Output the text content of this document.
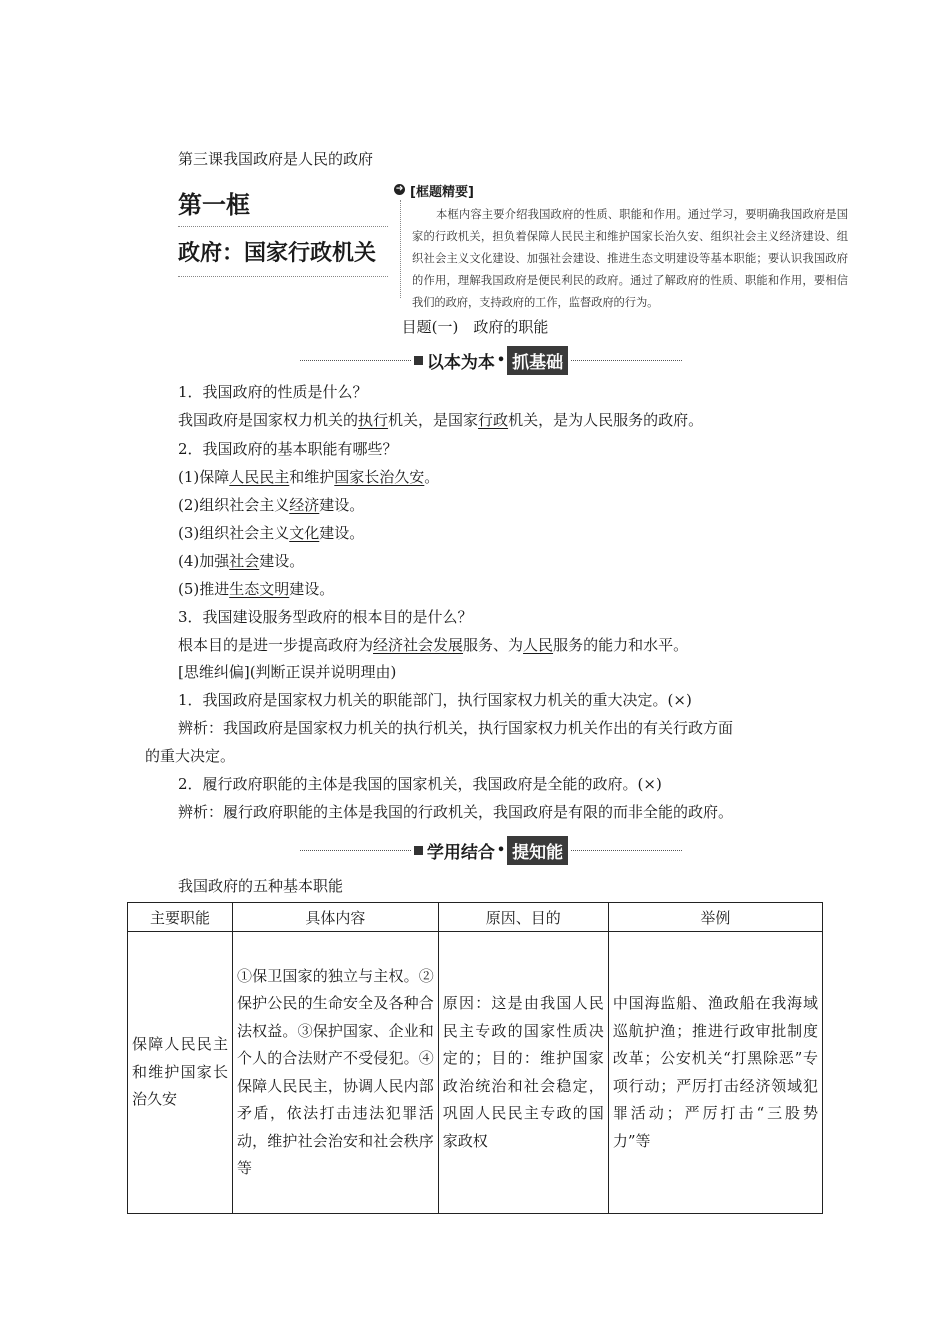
第三课我国政府是人民的政府
第一框
政府：国家行政机关
➜ [框题精要]
本框内容主要介绍我国政府的性质、职能和作用。通过学习，要明确我国政府是国家的行政机关，担负着保障人民民主和维护国家长治久安、组织社会主义经济建设、组织社会主义文化建设、加强社会建设、推进生态文明建设等基本职能；要认识我国政府的作用，理解我国政府是便民利民的政府。通过了解政府的性质、职能和作用，要相信我们的政府，支持政府的工作，监督政府的行为。
目题(一)　政府的职能
以本为本 • 抓基础
1．我国政府的性质是什么？
我国政府是国家权力机关的执行机关，是国家行政机关，是为人民服务的政府。
2．我国政府的基本职能有哪些？
(1)保障人民民主和维护国家长治久安。
(2)组织社会主义经济建设。
(3)组织社会主义文化建设。
(4)加强社会建设。
(5)推进生态文明建设。
3．我国建设服务型政府的根本目的是什么？
根本目的是进一步提高政府为经济社会发展服务、为人民服务的能力和水平。
[思维纠偏](判断正误并说明理由)
1．我国政府是国家权力机关的职能部门，执行国家权力机关的重大决定。(×)
辨析：我国政府是国家权力机关的执行机关，执行国家权力机关作出的有关行政方面
的重大决定。
2．履行政府职能的主体是我国的国家机关，我国政府是全能的政府。(×)
辨析：履行政府职能的主体是我国的行政机关，我国政府是有限的而非全能的政府。
学用结合 • 提知能
我国政府的五种基本职能
主要职能	具体内容	原因、目的	举例
保障人民民主和维护国家长治久安	①保卫国家的独立与主权。②保护公民的生命安全及各种合法权益。③保护国家、企业和个人的合法财产不受侵犯。④保障人民民主，协调人民内部矛盾，依法打击违法犯罪活动，维护社会治安和社会秩序等	原因：这是由我国人民民主专政的国家性质决定的；目的：维护国家政治统治和社会稳定，巩固人民民主专政的国家政权	中国海监船、渔政船在我海域巡航护渔；推进行政审批制度改革；公安机关“打黑除恶”专项行动；严厉打击经济领域犯罪活动；严厉打击“三股势力”等
